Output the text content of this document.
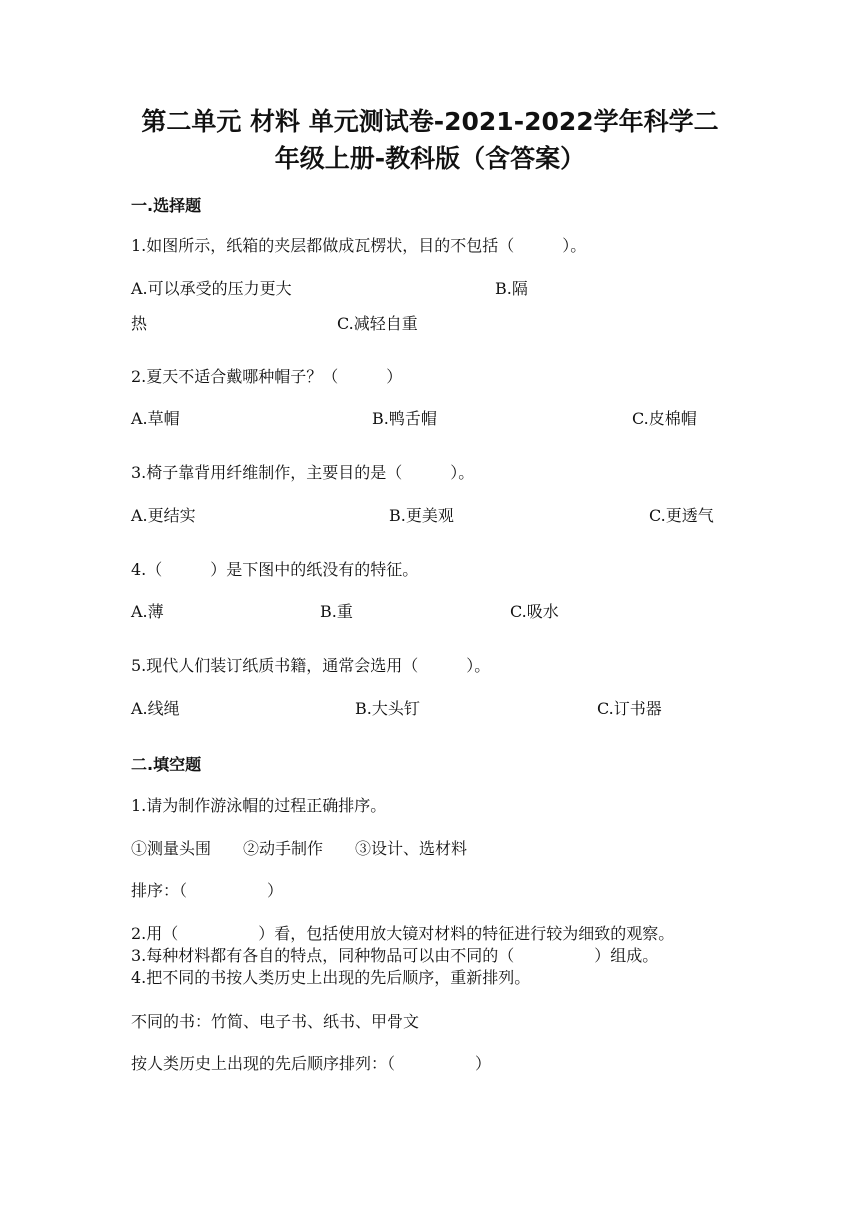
第二单元 材料 单元测试卷-2021-2022学年科学二
年级上册-教科版（含答案）
一.选择题
1.如图所示，纸箱的夹层都做成瓦楞状，目的不包括（　　　）。
A.可以承受的压力更大	B.隔
热	C.减轻自重
2.夏天不适合戴哪种帽子？（　　　）
A.草帽	B.鸭舌帽	C.皮棉帽
3.椅子靠背用纤维制作，主要目的是（　　　）。
A.更结实	B.更美观	C.更透气
4.（　　　）是下图中的纸没有的特征。
A.薄	B.重	C.吸水
5.现代人们装订纸质书籍，通常会选用（　　　）。
A.线绳	B.大头钉	C.订书器
二.填空题
1.请为制作游泳帽的过程正确排序。
①测量头围　　②动手制作　　③设计、选材料
排序：（　　　　　）
2.用（　　　　　）看，包括使用放大镜对材料的特征进行较为细致的观察。
3.每种材料都有各自的特点，同种物品可以由不同的（　　　　　）组成。
4.把不同的书按人类历史上出现的先后顺序，重新排列。
不同的书：竹简、电子书、纸书、甲骨文
按人类历史上出现的先后顺序排列：（　　　　　）
